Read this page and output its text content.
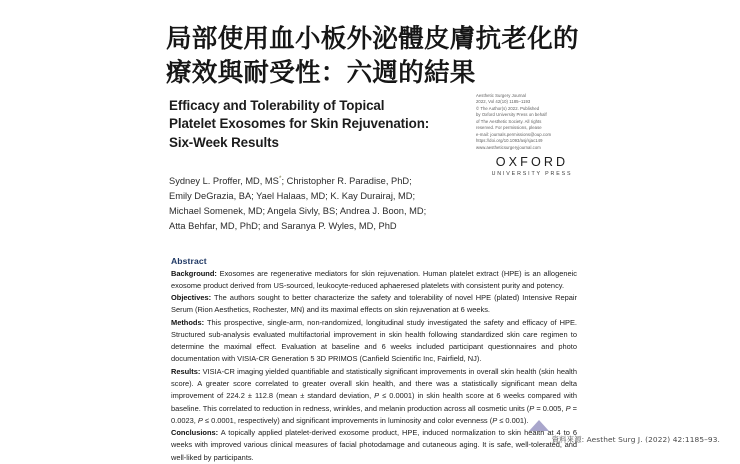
局部使用血小板外泌體皮膚抗老化的
療效與耐受性：六週的結果
Efficacy and Tolerability of Topical
Platelet Exosomes for Skin Rejuvenation:
Six-Week Results
Sydney L. Proffer, MD, MS*; Christopher R. Paradise, PhD;
Emily DeGrazia, BA; Yael Halaas, MD; K. Kay Durairaj, MD;
Michael Somenek, MD; Angela Sivly, BS; Andrea J. Boon, MD;
Atta Behfar, MD, PhD; and Saranya P. Wyles, MD, PhD
Aesthetic Surgery Journal
2022, Vol 42(10) 1185–1193
© The Author(s) 2022. Published
by Oxford University Press on behalf
of The Aesthetic Society. All rights
reserved. For permissions, please
e-mail: journals.permissions@oup.com
https://doi.org/10.1093/asj/sjac149
www.aestheticsurgeryjournal.com
OXFORD
UNIVERSITY PRESS
Abstract

Background: Exosomes are regenerative mediators for skin rejuvenation. Human platelet extract (HPE) is an allogeneic exosome product derived from US-sourced, leukocyte-reduced aphaeresed platelets with consistent purity and potency.

Objectives: The authors sought to better characterize the safety and tolerability of novel HPE (plated) Intensive Repair Serum (Rion Aesthetics, Rochester, MN) and its maximal effects on skin rejuvenation at 6 weeks.

Methods: This prospective, single-arm, non-randomized, longitudinal study investigated the safety and efficacy of HPE. Structured sub-analysis evaluated multifactorial improvement in skin health following standardized skin care regimen to determine the maximal effect. Evaluation at baseline and 6 weeks included participant questionnaires and photo documentation with VISIA-CR Generation 5 3D PRIMOS (Canfield Scientific Inc, Fairfield, NJ).

Results: VISIA-CR imaging yielded quantifiable and statistically significant improvements in overall skin health (skin health score). A greater score correlated to greater overall skin health, and there was a statistically significant mean delta improvement of 224.2 ± 112.8 (mean ± standard deviation, P ≤ 0.0001) in skin health score at 6 weeks compared with baseline. This correlated to reduction in redness, wrinkles, and melanin production across all cosmetic units (P = 0.005, P = 0.0023, P ≤ 0.0001, respectively) and significant improvements in luminosity and color evenness (P ≤ 0.001).

Conclusions: A topically applied platelet-derived exosome product, HPE, induced normalization to skin health at 4 to 6 weeks with improved various clinical measures of facial photodamage and cutaneous aging. It is safe, well-tolerated, and well-liked by participants.

資料來源: Aesthet Surg J. (2022) 42:1185–93.
